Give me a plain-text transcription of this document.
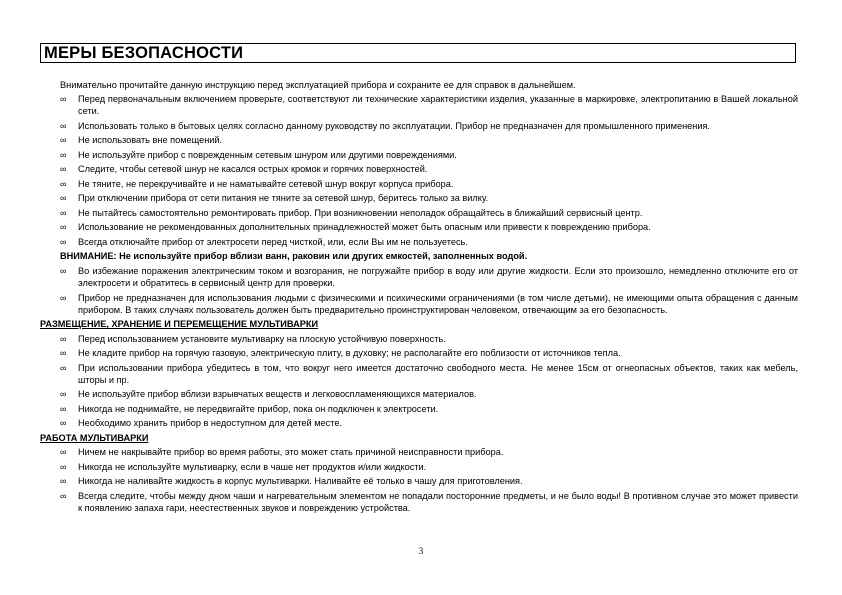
МЕРЫ БЕЗОПАСНОСТИ
Внимательно прочитайте данную инструкцию перед эксплуатацией прибора и сохраните ее для справок в дальнейшем.
∞ Перед первоначальным включением проверьте, соответствуют ли технические характеристики изделия, указанные в маркировке, электропитанию в Вашей локальной сети.
∞ Использовать только в бытовых целях согласно данному руководству по эксплуатации. Прибор не предназначен для промышленного применения.
∞ Не использовать вне помещений.
∞ Не используйте прибор с поврежденным сетевым шнуром или другими повреждениями.
∞ Следите, чтобы сетевой шнур не касался острых кромок и горячих поверхностей.
∞ Не тяните, не перекручивайте и не наматывайте сетевой шнур вокруг корпуса прибора.
∞ При отключении прибора от сети питания не тяните за сетевой шнур, беритесь только за вилку.
∞ Не пытайтесь самостоятельно ремонтировать прибор. При возникновении неполадок обращайтесь в ближайший сервисный центр.
∞ Использование не рекомендованных дополнительных принадлежностей может быть опасным или привести к повреждению прибора.
∞ Всегда отключайте прибор от электросети перед чисткой, или, если Вы им не пользуетесь.
ВНИМАНИЕ: Не используйте прибор вблизи ванн, раковин или других емкостей, заполненных водой.
∞ Во избежание поражения электрическим током и возгорания, не погружайте прибор в воду или другие жидкости. Если это произошло, немедленно отключите его от электросети и обратитесь в сервисный центр для проверки.
∞ Прибор не предназначен для использования людьми с физическими и психическими ограничениями (в том числе детьми), не имеющими опыта обращения с данным прибором. В таких случаях пользователь должен быть предварительно проинструктирован человеком, отвечающим за его безопасность.
РАЗМЕЩЕНИЕ, ХРАНЕНИЕ И ПЕРЕМЕЩЕНИЕ МУЛЬТИВАРКИ
∞ Перед использованием установите мультиварку на плоскую устойчивую поверхность.
∞ Не кладите прибор на горячую газовую, электрическую плиту, в духовку; не располагайте его поблизости от источников тепла.
∞ При использовании прибора убедитесь в том, что вокруг него имеется достаточно свободного места. Не менее 15см от огнеопасных объектов, таких как мебель, шторы и пр.
∞ Не используйте прибор вблизи взрывчатых веществ и легковоспламеняющихся материалов.
∞ Никогда не поднимайте, не передвигайте прибор, пока он подключен к электросети.
∞ Необходимо хранить прибор в недоступном для детей месте.
РАБОТА МУЛЬТИВАРКИ
∞ Ничем не накрывайте прибор во время работы, это может стать причиной неисправности прибора.
∞ Никогда не используйте мультиварку, если в чаше нет продуктов и/или жидкости.
∞ Никогда не наливайте жидкость в корпус мультиварки. Наливайте её только в чашу для приготовления.
∞ Всегда следите, чтобы между дном чаши и нагревательным элементом не попадали посторонние предметы, и не было воды! В противном случае это может привести к появлению запаха гари, неестественных звуков и повреждению устройства.
3
